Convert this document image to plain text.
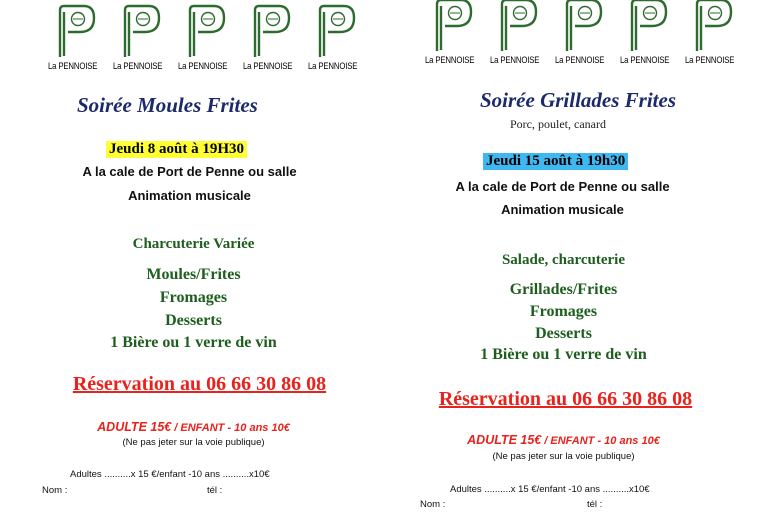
La PENNOISE La PENNOISE La PENNOISE La PENNOISE La PENNOISE
Soirée Moules Frites
Jeudi 8 août à 19H30
A la cale de Port de Penne ou salle
Animation musicale
Charcuterie Variée
Moules/Frites
Fromages
Desserts
1 Bière ou 1 verre de vin
Réservation au 06 66 30 86 08
ADULTE 15€ / ENFANT - 10 ans 10€
(Ne pas jeter sur la voie publique)
Adultes ..........x 15 €/enfant -10 ans ..........x10€
Nom :	tél :
La PENNOISE La PENNOISE La PENNOISE La PENNOISE La PENNOISE
Soirée Grillades Frites
Porc, poulet, canard
Jeudi 15 août à 19h30
A la cale de Port de Penne ou salle
Animation musicale
Salade, charcuterie
Grillades/Frites
Fromages
Desserts
1 Bière ou 1 verre de vin
Réservation au 06 66 30 86 08
ADULTE 15€ / ENFANT - 10 ans 10€
(Ne pas jeter sur la voie publique)
Adultes ..........x 15 €/enfant -10 ans ..........x10€
Nom :	tél :
